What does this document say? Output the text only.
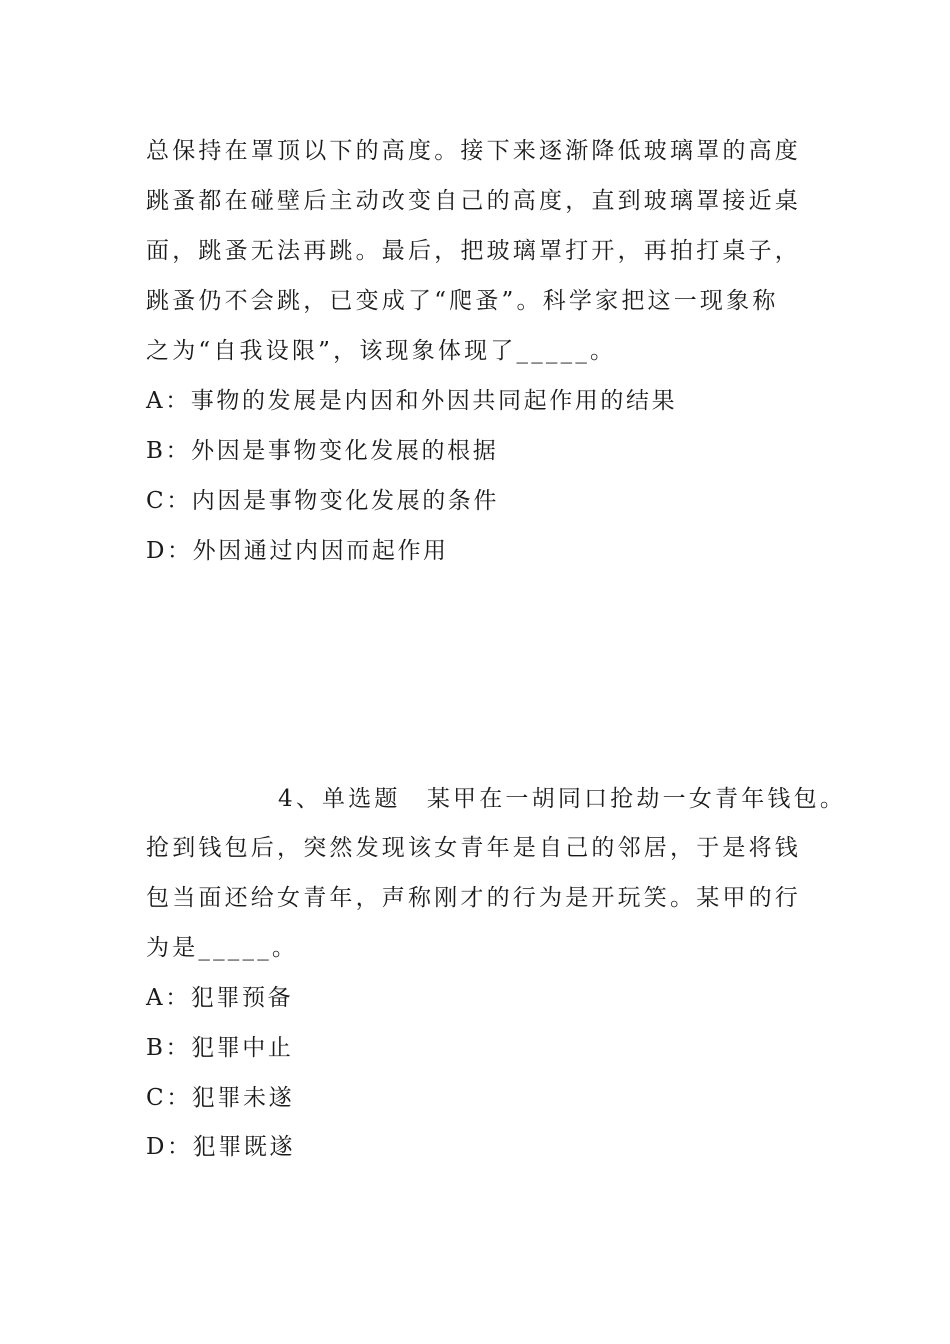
总保持在罩顶以下的高度。接下来逐渐降低玻璃罩的高度
跳蚤都在碰壁后主动改变自己的高度，直到玻璃罩接近桌
面，跳蚤无法再跳。最后，把玻璃罩打开，再拍打桌子，
跳蚤仍不会跳，已变成了“爬蚤”。科学家把这一现象称
之为“自我设限”，该现象体现了_____。
A：事物的发展是内因和外因共同起作用的结果
B：外因是事物变化发展的根据
C：内因是事物变化发展的条件
D：外因通过内因而起作用
4、单选题　某甲在一胡同口抢劫一女青年钱包。
抢到钱包后，突然发现该女青年是自己的邻居，于是将钱
包当面还给女青年，声称刚才的行为是开玩笑。某甲的行
为是_____。
A：犯罪预备
B：犯罪中止
C：犯罪未遂
D：犯罪既遂
